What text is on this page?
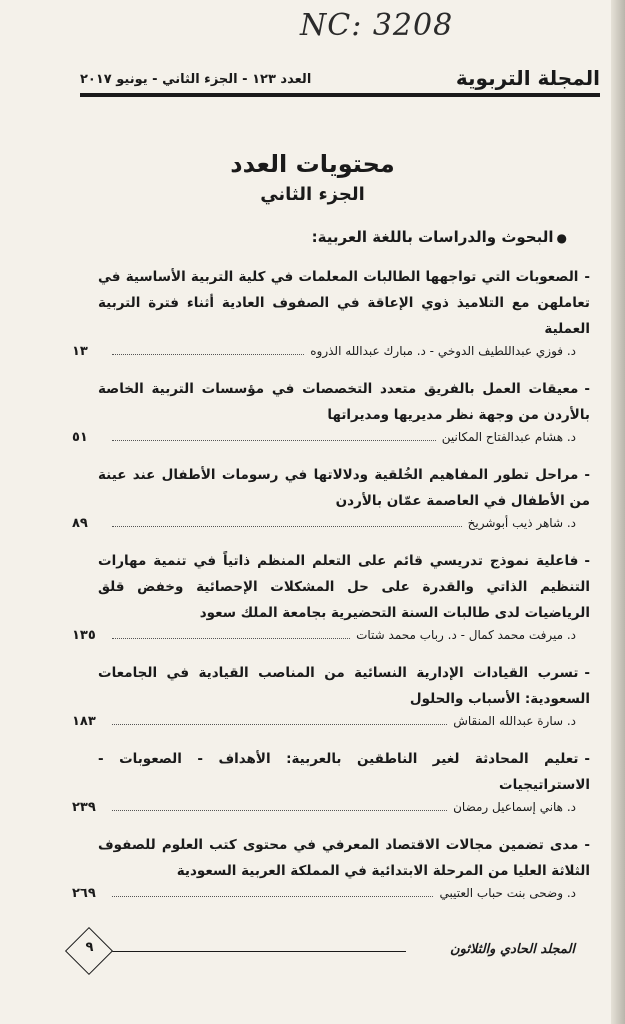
NC: 3208
المجلة التربوية
العدد ١٢٣ - الجزء الثاني - يونيو ٢٠١٧
محتويات العدد
الجزء الثاني
●البحوث والدراسات باللغة العربية:
-الصعوبات التي تواجهها الطالبات المعلمات في كلية التربية الأساسية في تعاملهن مع التلاميذ ذوي الإعاقة في الصفوف العادية أثناء فترة التربية العملية
د. فوزي عبداللطيف الدوخي - د. مبارك عبدالله الذروه
١٣
-معيقات العمل بالفريق متعدد التخصصات في مؤسسات التربية الخاصة بالأردن من وجهة نظر مديريها ومديراتها
د. هشام عبدالفتاح المكانين
٥١
-مراحل تطور المفاهيم الخُلقية ودلالاتها في رسومات الأطفال عند عينة من الأطفال في العاصمة عمّان بالأردن
د. شاهر ذيب أبوشريخ
٨٩
-فاعلية نموذج تدريسي قائم على التعلم المنظم ذاتياً في تنمية مهارات التنظيم الذاتي والقدرة على حل المشكلات الإحصائية وخفض قلق الرياضيات لدى طالبات السنة التحضيرية بجامعة الملك سعود
د. ميرفت محمد كمال - د. رباب محمد شتات
١٣٥
-تسرب القيادات الإدارية النسائية من المناصب القيادية في الجامعات السعودية: الأسباب والحلول
د. سارة عبدالله المنقاش
١٨٣
-تعليم المحادثة لغير الناطقين بالعربية: الأهداف - الصعوبات - الاستراتيجيات
د. هاني إسماعيل رمضان
٢٣٩
-مدى تضمين مجالات الاقتصاد المعرفي في محتوى كتب العلوم للصفوف الثلاثة العليا من المرحلة الابتدائية في المملكة العربية السعودية
د. وضحى بنت حباب العتيبي
٢٦٩
٩	المجلد الحادي والثلاثون
